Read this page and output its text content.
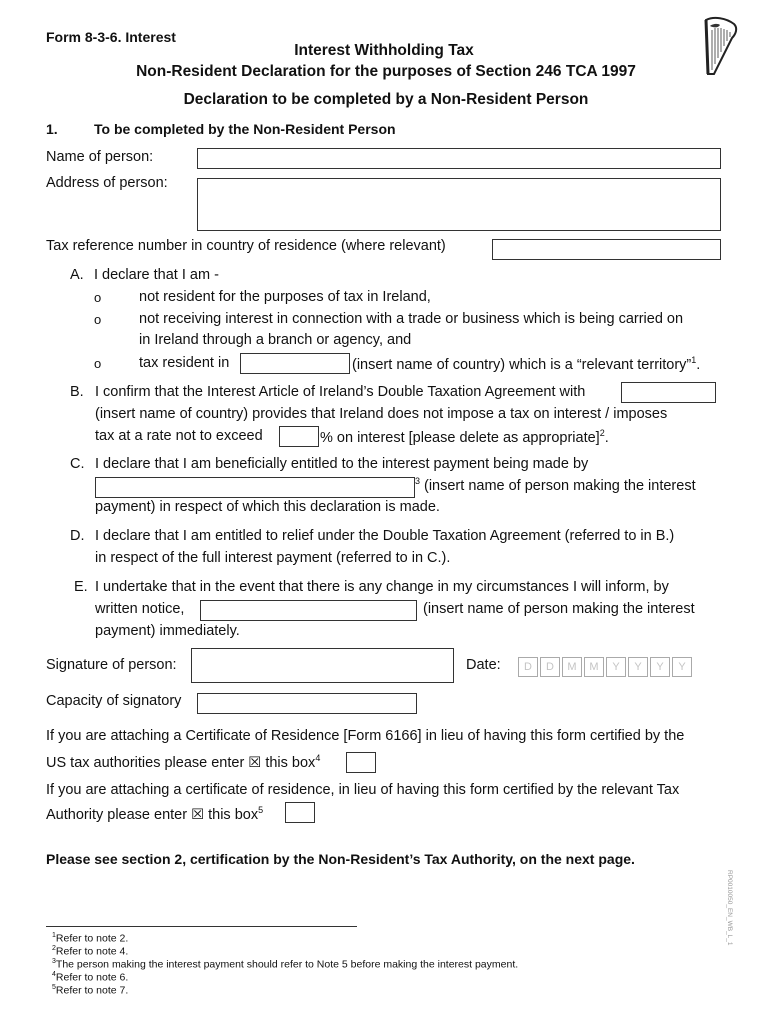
Form 8-3-6. Interest
Interest Withholding Tax
Non-Resident Declaration for the purposes of Section 246 TCA 1997
Declaration to be completed by a Non-Resident Person
1.	To be completed by the Non-Resident Person
Name of person:
Address of person:
Tax reference number in country of residence (where relevant)
A. I declare that I am -
o	not resident for the purposes of tax in Ireland,
o	not receiving interest in connection with a trade or business which is being carried on
in Ireland through a branch or agency, and
o	tax resident in	(insert name of country) which is a “relevant territory”$^1$.
B. I confirm that the Interest Article of Ireland’s Double Taxation Agreement with
(insert name of country) provides that Ireland does not impose a tax on interest / imposes
tax at a rate not to exceed	% on interest [please delete as appropriate]$^2$.
C. I declare that I am beneficially entitled to the interest payment being made by
3 (insert name of person making the interest
payment) in respect of which this declaration is made.
D. I declare that I am entitled to relief under the Double Taxation Agreement (referred to in B.)
in respect of the full interest payment (referred to in C.).
E. I undertake that in the event that there is any change in my circumstances I will inform, by
written notice,	(insert name of person making the interest
payment) immediately.
Signature of person:	Date:	D	D	M	M	Y	Y	Y	Y
Capacity of signatory
If you are attaching a Certificate of Residence [Form 6166] in lieu of having this form certified by the
US tax authorities please enter ☒ this box$^4$
If you are attaching a certificate of residence, in lieu of having this form certified by the relevant Tax
Authority please enter ☒ this box$^5$
Please see section 2, certification by the Non-Resident’s Tax Authority, on the next page.
RP0010050_EN_WB_L_1
$^1$Refer to note 2.
$^2$Refer to note 4.
$^3$The person making the interest payment should refer to Note 5 before making the interest payment.
$^4$Refer to note 6.
$^5$Refer to note 7.
